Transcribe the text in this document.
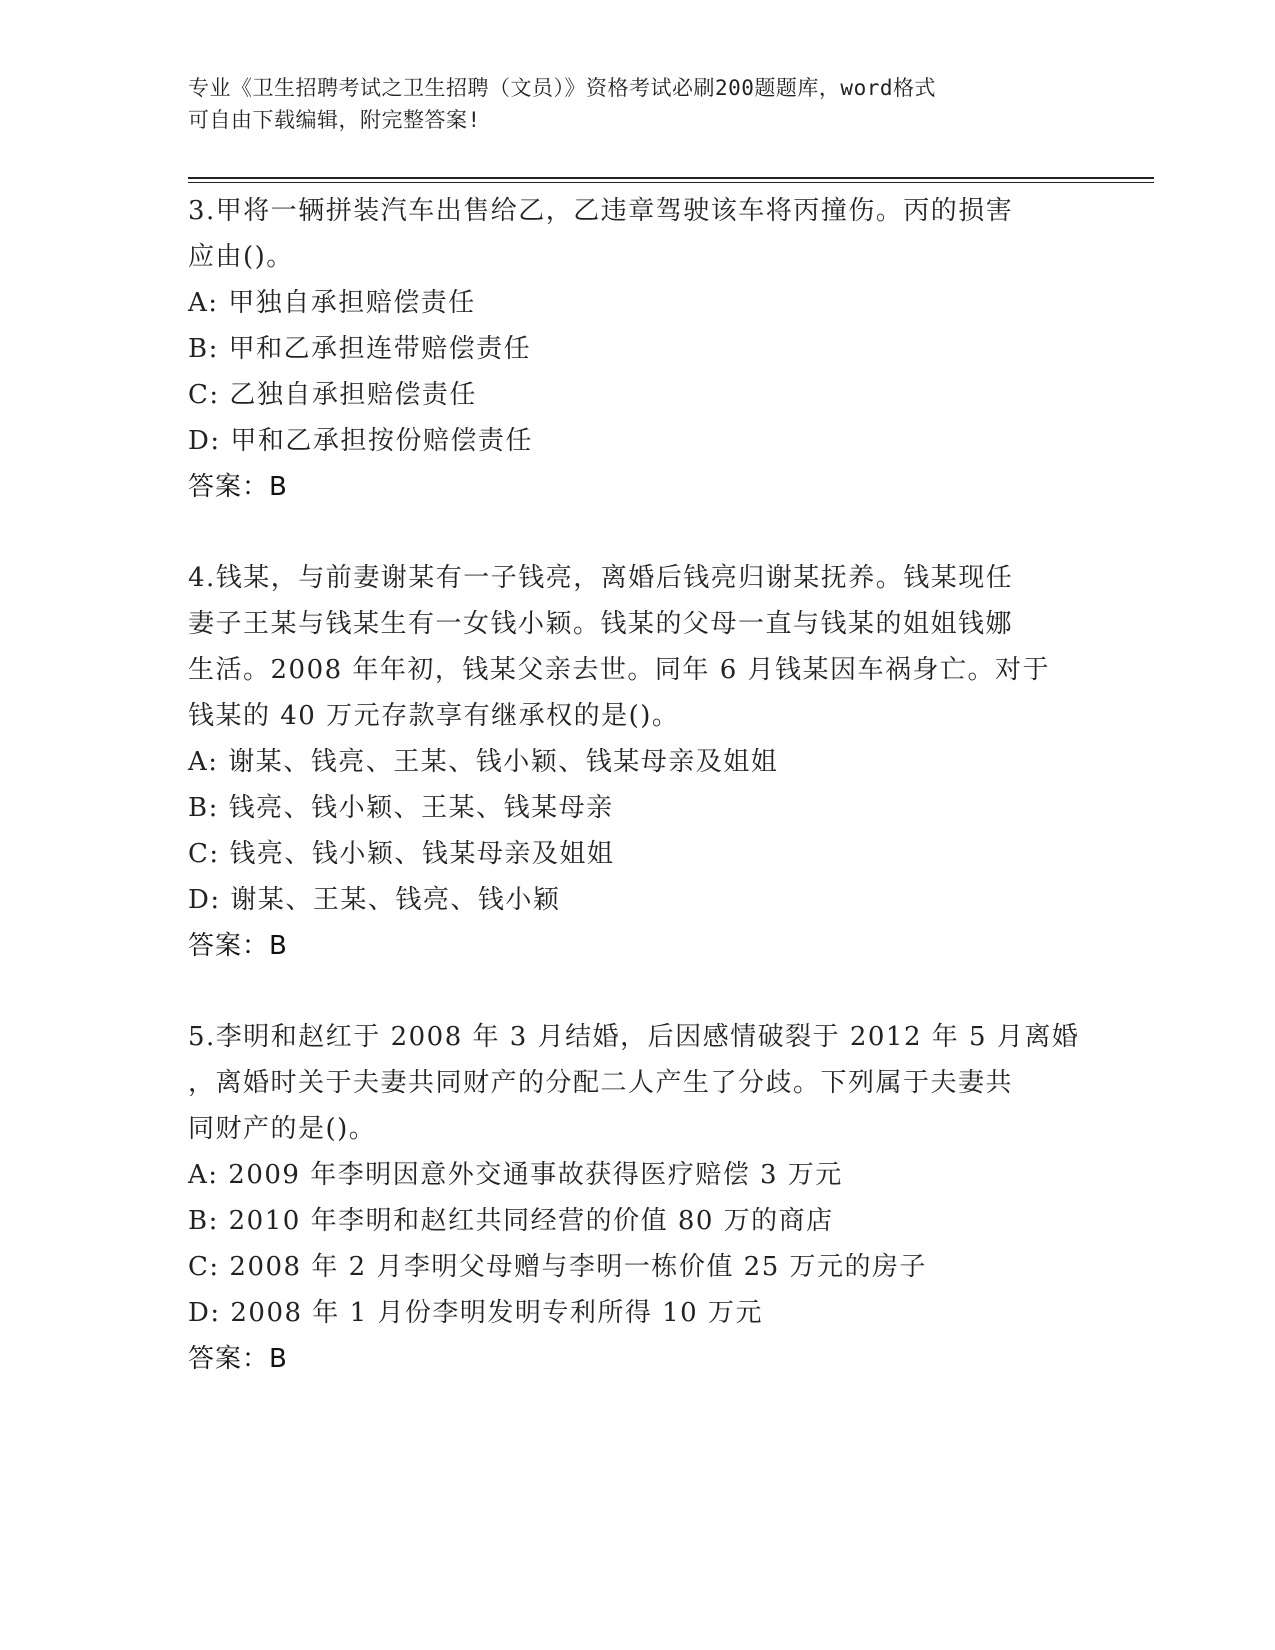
专业《卫生招聘考试之卫生招聘（文员）》资格考试必刷200题题库，word格式
可自由下载编辑，附完整答案!
3.甲将一辆拼装汽车出售给乙，乙违章驾驶该车将丙撞伤。丙的损害
应由()。
A: 甲独自承担赔偿责任
B: 甲和乙承担连带赔偿责任
C: 乙独自承担赔偿责任
D: 甲和乙承担按份赔偿责任
答案：B
4.钱某，与前妻谢某有一子钱亮，离婚后钱亮归谢某抚养。钱某现任
妻子王某与钱某生有一女钱小颖。钱某的父母一直与钱某的姐姐钱娜
生活。2008 年年初，钱某父亲去世。同年 6 月钱某因车祸身亡。对于
钱某的 40 万元存款享有继承权的是()。
A: 谢某、钱亮、王某、钱小颖、钱某母亲及姐姐
B: 钱亮、钱小颖、王某、钱某母亲
C: 钱亮、钱小颖、钱某母亲及姐姐
D: 谢某、王某、钱亮、钱小颖
答案：B
5.李明和赵红于 2008 年 3 月结婚，后因感情破裂于 2012 年 5 月离婚
，离婚时关于夫妻共同财产的分配二人产生了分歧。下列属于夫妻共
同财产的是()。
A: 2009 年李明因意外交通事故获得医疗赔偿 3 万元
B: 2010 年李明和赵红共同经营的价值 80 万的商店
C: 2008 年 2 月李明父母赠与李明一栋价值 25 万元的房子
D: 2008 年 1 月份李明发明专利所得 10 万元
答案：B
